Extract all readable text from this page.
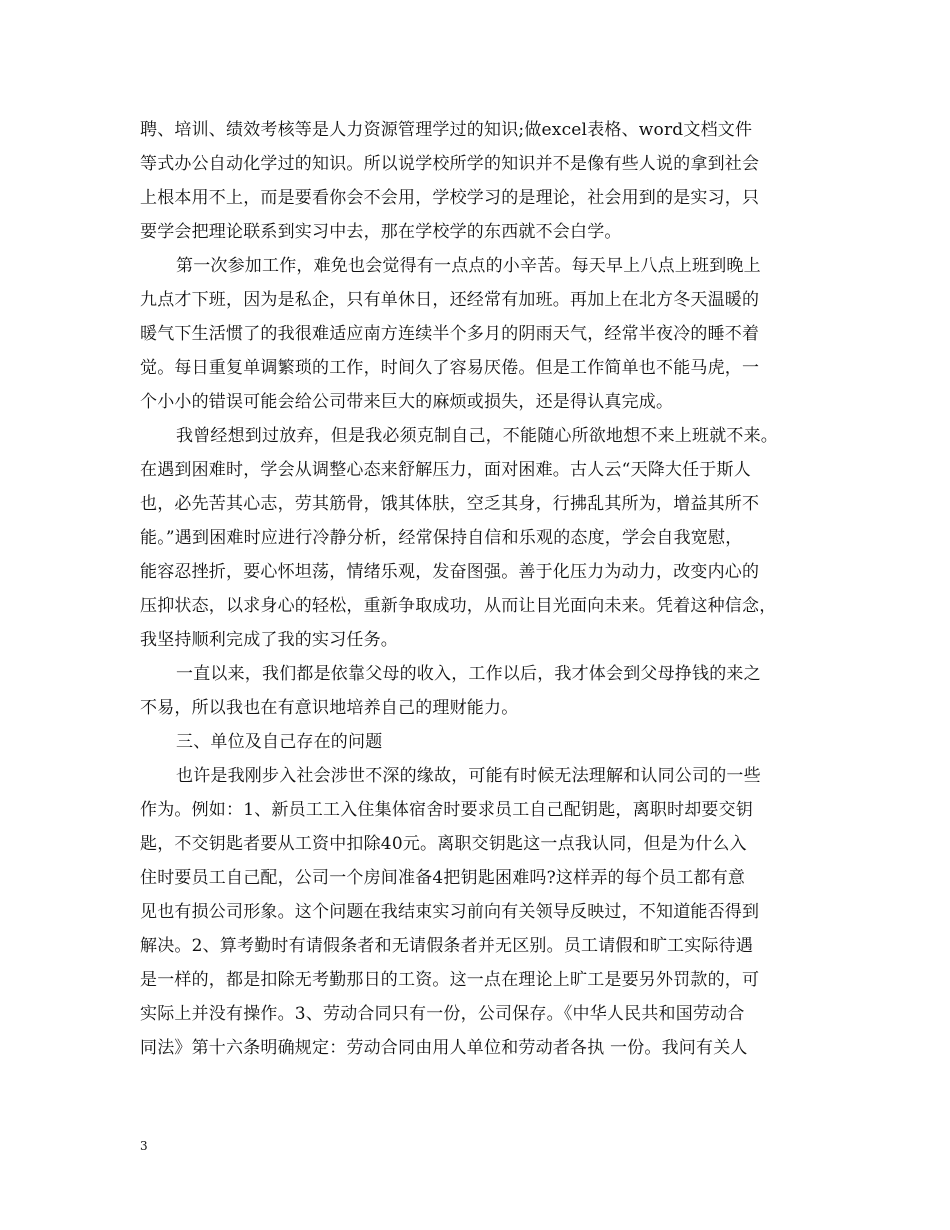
聘、培训、绩效考核等是人力资源管理学过的知识;做excel表格、word文档文件
等式办公自动化学过的知识。所以说学校所学的知识并不是像有些人说的拿到社会
上根本用不上，而是要看你会不会用，学校学习的是理论，社会用到的是实习，只
要学会把理论联系到实习中去，那在学校学的东西就不会白学。
第一次参加工作，难免也会觉得有一点点的小辛苦。每天早上八点上班到晚上
九点才下班，因为是私企，只有单休日，还经常有加班。再加上在北方冬天温暖的
暖气下生活惯了的我很难适应南方连续半个多月的阴雨天气，经常半夜冷的睡不着
觉。每日重复单调繁琐的工作，时间久了容易厌倦。但是工作简单也不能马虎，一
个小小的错误可能会给公司带来巨大的麻烦或损失，还是得认真完成。
我曾经想到过放弃，但是我必须克制自己，不能随心所欲地想不来上班就不来。
在遇到困难时，学会从调整心态来舒解压力，面对困难。古人云“天降大任于斯人
也，必先苦其心志，劳其筋骨，饿其体肤，空乏其身，行拂乱其所为，增益其所不
能。”遇到困难时应进行冷静分析，经常保持自信和乐观的态度，学会自我宽慰，
能容忍挫折，要心怀坦荡，情绪乐观，发奋图强。善于化压力为动力，改变内心的
压抑状态，以求身心的轻松，重新争取成功，从而让目光面向未来。凭着这种信念，
我坚持顺利完成了我的实习任务。
一直以来，我们都是依靠父母的收入，工作以后，我才体会到父母挣钱的来之
不易，所以我也在有意识地培养自己的理财能力。
三、单位及自己存在的问题
也许是我刚步入社会涉世不深的缘故，可能有时候无法理解和认同公司的一些
作为。例如：1、新员工工入住集体宿舍时要求员工自己配钥匙，离职时却要交钥
匙，不交钥匙者要从工资中扣除40元。离职交钥匙这一点我认同，但是为什么入
住时要员工自己配，公司一个房间准备4把钥匙困难吗?这样弄的每个员工都有意
见也有损公司形象。这个问题在我结束实习前向有关领导反映过，不知道能否得到
解决。2、算考勤时有请假条者和无请假条者并无区别。员工请假和旷工实际待遇
是一样的，都是扣除无考勤那日的工资。这一点在理论上旷工是要另外罚款的，可
实际上并没有操作。3、劳动合同只有一份，公司保存。《中华人民共和国劳动合
同法》第十六条明确规定：劳动合同由用人单位和劳动者各执 一份。我问有关人
3
